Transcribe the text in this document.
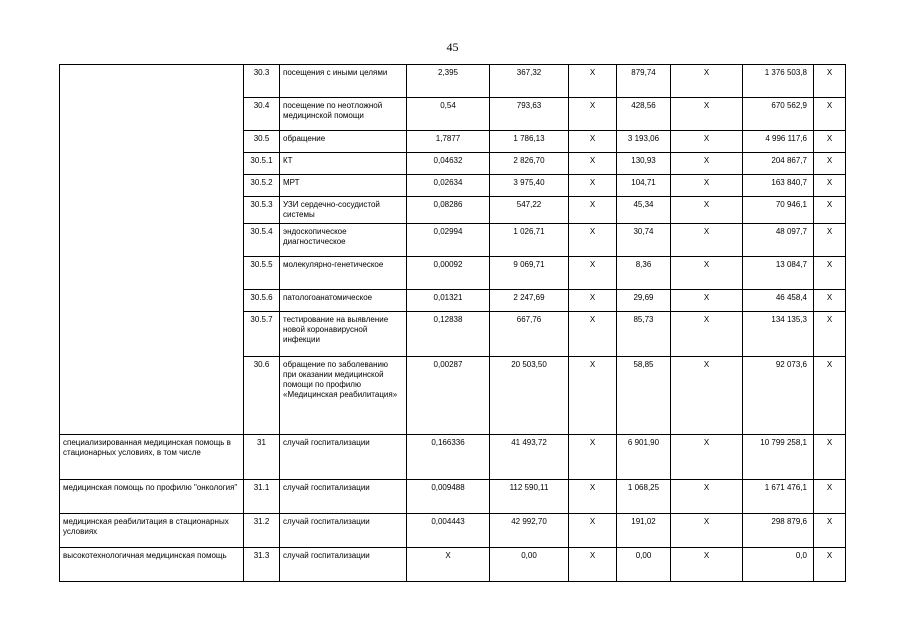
45
	30.3	посещения с иными целями	2,395	367,32	Х	879,74	Х	1 376 503,8	Х
	30.4	посещение по неотложной медицинской помощи	0,54	793,63	Х	428,56	Х	670 562,9	Х
	30.5	обращение	1,7877	1 786,13	Х	3 193,06	Х	4 996 117,6	Х
	30.5.1	КТ	0,04632	2 826,70	Х	130,93	Х	204 867,7	Х
	30.5.2	МРТ	0,02634	3 975,40	Х	104,71	Х	163 840,7	Х
	30.5.3	УЗИ сердечно-сосудистой системы	0,08286	547,22	Х	45,34	Х	70 946,1	Х
	30.5.4	эндоскопическое диагностическое	0,02994	1 026,71	Х	30,74	Х	48 097,7	Х
	30.5.5	молекулярно-генетическое	0,00092	9 069,71	Х	8,36	Х	13 084,7	Х
	30.5.6	патологоанатомическое	0,01321	2 247,69	Х	29,69	Х	46 458,4	Х
	30.5.7	тестирование на выявление новой коронавирусной инфекции	0,12838	667,76	Х	85,73	Х	134 135,3	Х
	30.6	обращение по заболеванию при оказании медицинской помощи по профилю «Медицинская реабилитация»	0,00287	20 503,50	Х	58,85	Х	92 073,6	Х
специализированная медицинская помощь в стационарных условиях, в том числе	31	случай госпитализации	0,166336	41 493,72	Х	6 901,90	Х	10 799 258,1	Х
медицинская помощь по профилю "онкология"	31.1	случай госпитализации	0,009488	112 590,11	Х	1 068,25	Х	1 671 476,1	Х
медицинская реабилитация в стационарных условиях	31.2	случай госпитализации	0,004443	42 992,70	Х	191,02	Х	298 879,6	Х
высокотехнологичная медицинская помощь	31.3	случай госпитализации	Х	0,00	Х	0,00	Х	0,0	Х
